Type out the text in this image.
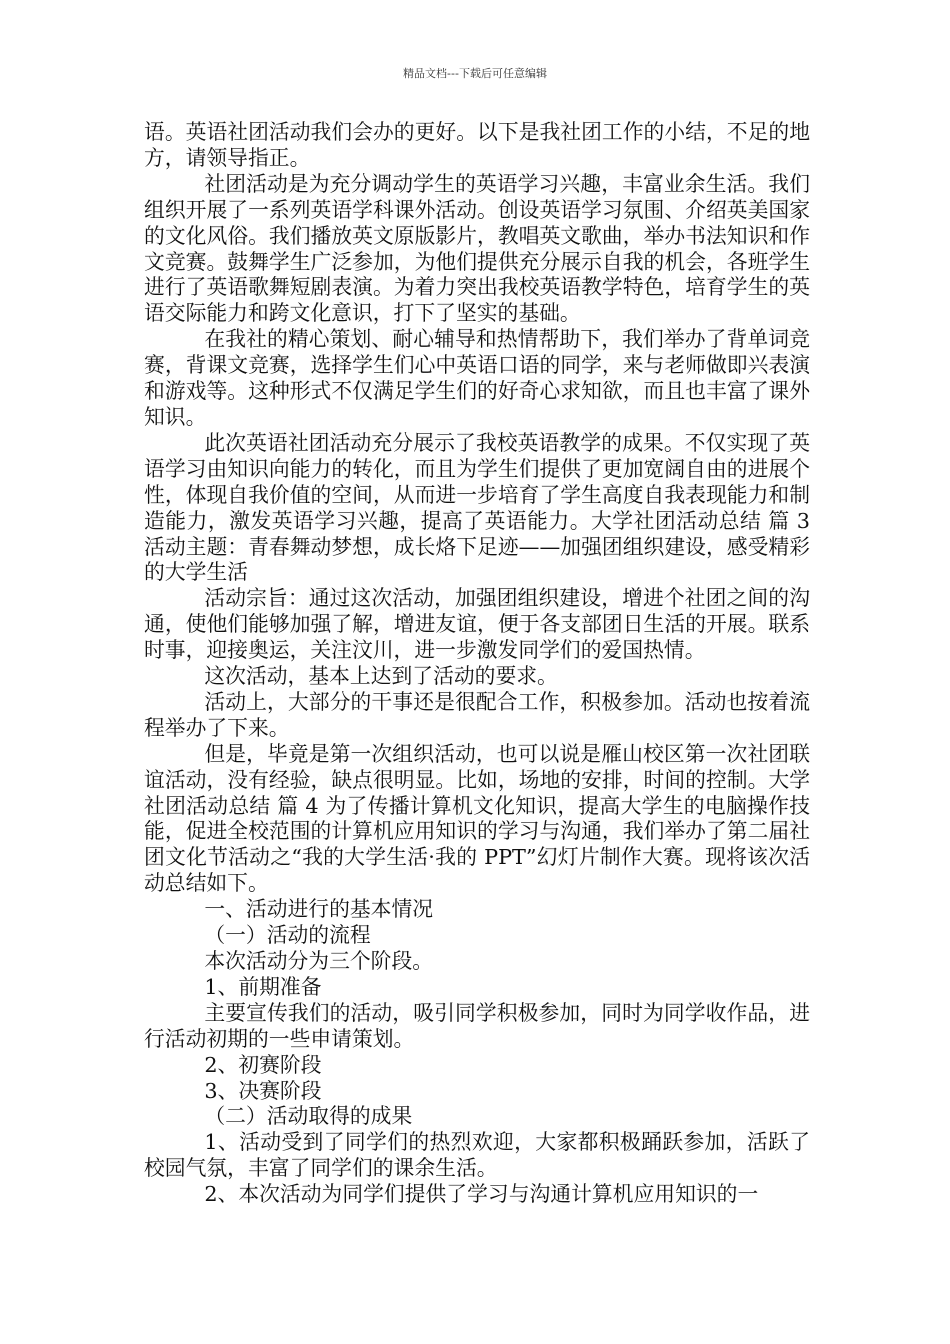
精品文档---下载后可任意编辑

语。英语社团活动我们会办的更好。以下是我社团工作的小结，不足的地方，请领导指正。

社团活动是为充分调动学生的英语学习兴趣，丰富业余生活。我们组织开展了一系列英语学科课外活动。创设英语学习氛围、介绍英美国家的文化风俗。我们播放英文原版影片，教唱英文歌曲，举办书法知识和作文竞赛。鼓舞学生广泛参加，为他们提供充分展示自我的机会，各班学生进行了英语歌舞短剧表演。为着力突出我校英语教学特色，培育学生的英语交际能力和跨文化意识，打下了坚实的基础。

在我社的精心策划、耐心辅导和热情帮助下，我们举办了背单词竞赛，背课文竞赛，选择学生们心中英语口语的同学，来与老师做即兴表演和游戏等。这种形式不仅满足学生们的好奇心求知欲，而且也丰富了课外知识。

此次英语社团活动充分展示了我校英语教学的成果。不仅实现了英语学习由知识向能力的转化，而且为学生们提供了更加宽阔自由的进展个性，体现自我价值的空间，从而进一步培育了学生高度自我表现能力和制造能力，激发英语学习兴趣，提高了英语能力。大学社团活动总结 篇 3 活动主题：青春舞动梦想，成长烙下足迹——加强团组织建设，感受精彩的大学生活

活动宗旨：通过这次活动，加强团组织建设，增进个社团之间的沟通，使他们能够加强了解，增进友谊，便于各支部团日生活的开展。联系时事，迎接奥运，关注汶川，进一步激发同学们的爱国热情。

这次活动，基本上达到了活动的要求。

活动上，大部分的干事还是很配合工作，积极参加。活动也按着流程举办了下来。

但是，毕竟是第一次组织活动，也可以说是雁山校区第一次社团联谊活动，没有经验，缺点很明显。比如，场地的安排，时间的控制。大学社团活动总结 篇 4 为了传播计算机文化知识，提高大学生的电脑操作技能，促进全校范围的计算机应用知识的学习与沟通，我们举办了第二届社团文化节活动之“我的大学生活·我的 PPT”幻灯片制作大赛。现将该次活动总结如下。

一、活动进行的基本情况

（一）活动的流程

本次活动分为三个阶段。

1、前期准备

主要宣传我们的活动，吸引同学积极参加，同时为同学收作品，进行活动初期的一些申请策划。

2、初赛阶段

3、决赛阶段

（二）活动取得的成果

1、活动受到了同学们的热烈欢迎，大家都积极踊跃参加，活跃了校园气氛，丰富了同学们的课余生活。

2、本次活动为同学们提供了学习与沟通计算机应用知识的一
